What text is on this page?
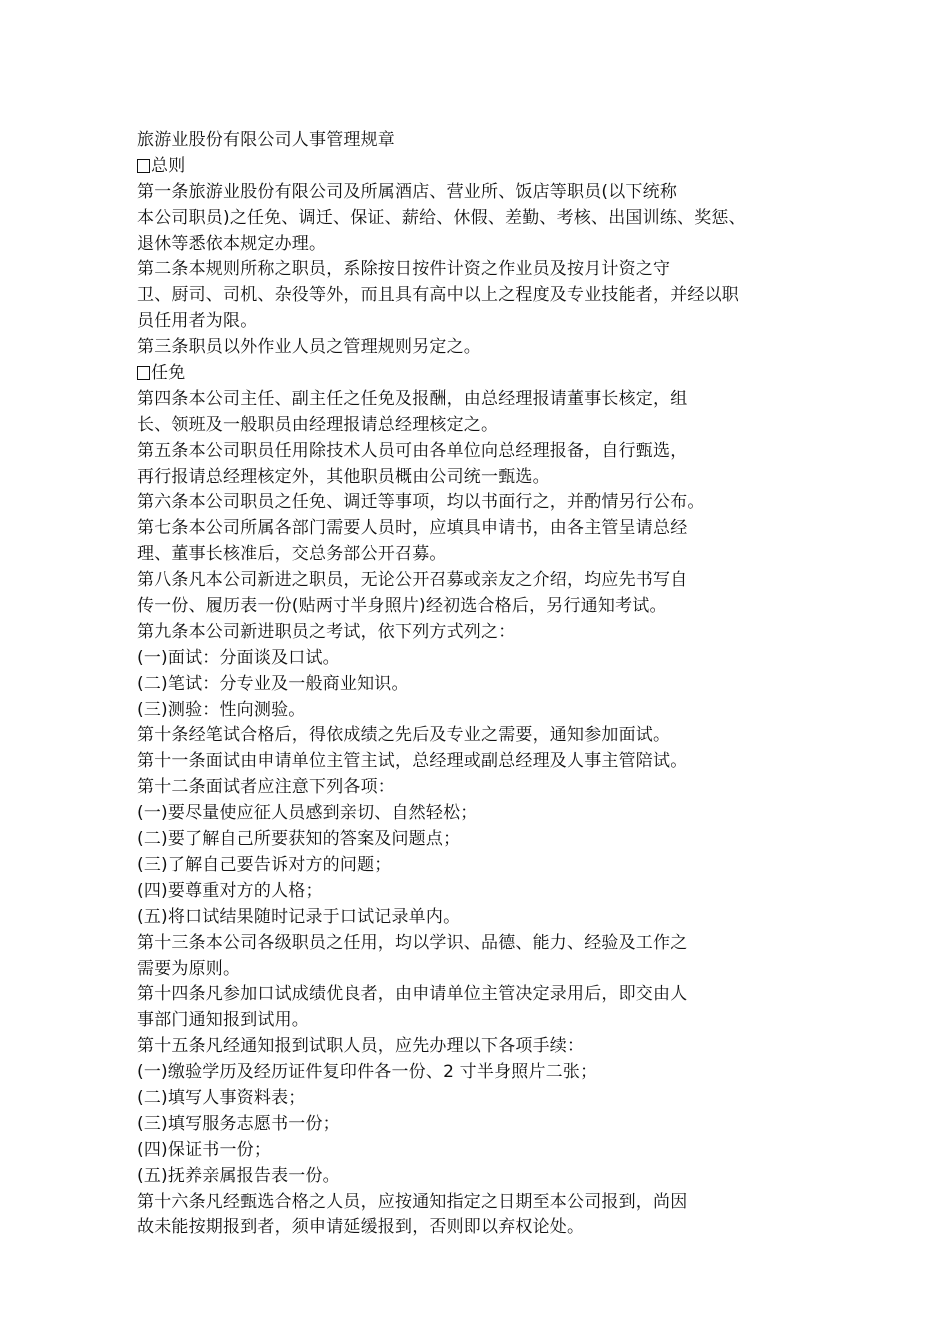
旅游业股份有限公司人事管理规章
总则
第一条旅游业股份有限公司及所属酒店、营业所、饭店等职员(以下统称
本公司职员)之任免、调迁、保证、薪给、休假、差勤、考核、出国训练、奖惩、
退休等悉依本规定办理。
第二条本规则所称之职员，系除按日按件计资之作业员及按月计资之守
卫、厨司、司机、杂役等外，而且具有高中以上之程度及专业技能者，并经以职
员任用者为限。
第三条职员以外作业人员之管理规则另定之。
任免
第四条本公司主任、副主任之任免及报酬，由总经理报请董事长核定，组
长、领班及一般职员由经理报请总经理核定之。
第五条本公司职员任用除技术人员可由各单位向总经理报备，自行甄选，
再行报请总经理核定外，其他职员概由公司统一甄选。
第六条本公司职员之任免、调迁等事项，均以书面行之，并酌情另行公布。
第七条本公司所属各部门需要人员时，应填具申请书，由各主管呈请总经
理、董事长核准后，交总务部公开召募。
第八条凡本公司新进之职员，无论公开召募或亲友之介绍，均应先书写自
传一份、履历表一份(贴两寸半身照片)经初选合格后，另行通知考试。
第九条本公司新进职员之考试，依下列方式列之：
(一)面试：分面谈及口试。
(二)笔试：分专业及一般商业知识。
(三)测验：性向测验。
第十条经笔试合格后，得依成绩之先后及专业之需要，通知参加面试。
第十一条面试由申请单位主管主试，总经理或副总经理及人事主管陪试。
第十二条面试者应注意下列各项：
(一)要尽量使应征人员感到亲切、自然轻松；
(二)要了解自己所要获知的答案及问题点；
(三)了解自己要告诉对方的问题；
(四)要尊重对方的人格；
(五)将口试结果随时记录于口试记录单内。
第十三条本公司各级职员之任用，均以学识、品德、能力、经验及工作之
需要为原则。
第十四条凡参加口试成绩优良者，由申请单位主管决定录用后，即交由人
事部门通知报到试用。
第十五条凡经通知报到试职人员，应先办理以下各项手续：
(一)缴验学历及经历证件复印件各一份、2 寸半身照片二张；
(二)填写人事资料表；
(三)填写服务志愿书一份；
(四)保证书一份；
(五)抚养亲属报告表一份。
第十六条凡经甄选合格之人员，应按通知指定之日期至本公司报到，尚因
故未能按期报到者，须申请延缓报到，否则即以弃权论处。
